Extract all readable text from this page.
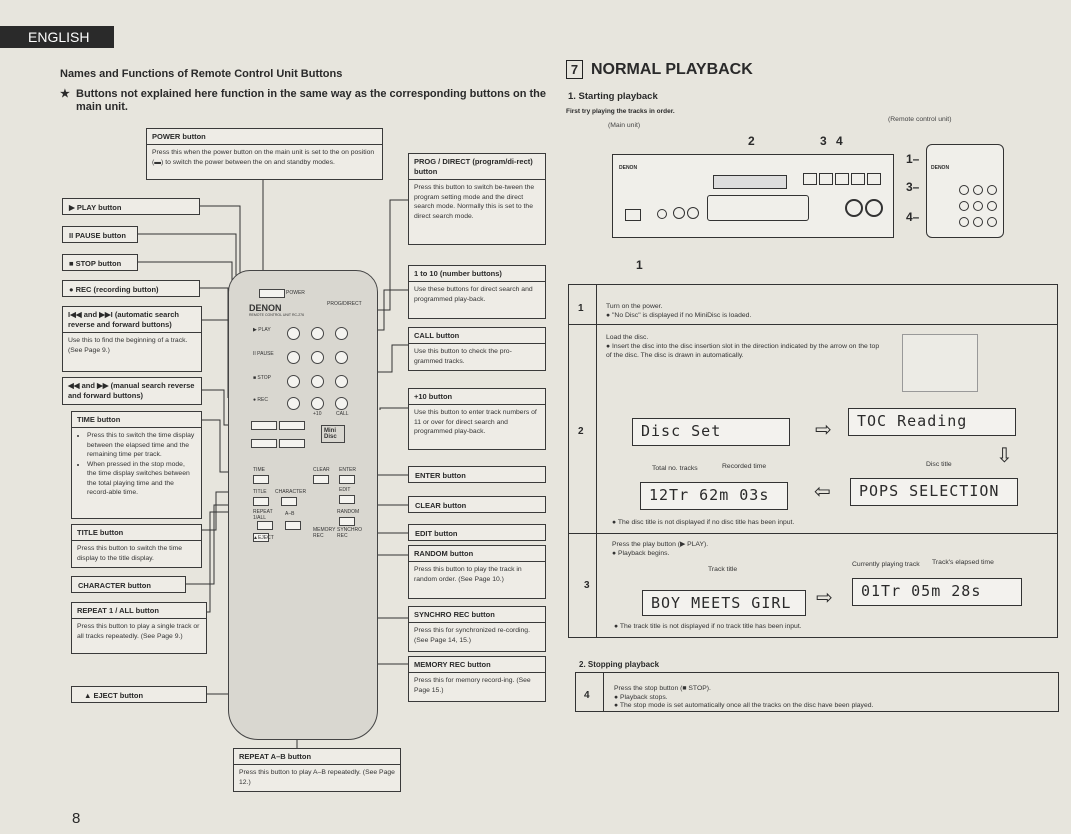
ENGLISH
Names and Functions of Remote Control Unit Buttons
★ Buttons not explained here function in the same way as the corresponding buttons on the main unit.
POWER button
Press this when the power button on the main unit is set to the on position (▬) to switch the power between the on and standby modes.
▶ PLAY button
II PAUSE button
■ STOP button
● REC (recording button)
I◀◀ and ▶▶I (automatic search reverse and forward buttons)
Use this to find the beginning of a track. (See Page 9.)
◀◀ and ▶▶ (manual search reverse and forward buttons)
TIME button
• Press this to switch the time display between the elapsed time and the remaining time per track.
• When pressed in the stop mode, the time display switches between the total playing time and the record-able time.
TITLE button
Press this button to switch the time display to the title display.
CHARACTER button
REPEAT 1 / ALL button
Press this button to play a single track or all tracks repeatedly. (See Page 9.)
▲ EJECT button
PROG / DIRECT (program/di-rect) button
Press this button to switch be-tween the program setting mode and the direct search mode. Normally this is set to the direct search mode.
1 to 10 (number buttons)
Use these buttons for direct search and programmed play-back.
CALL button
Use this button to check the pro-grammed tracks.
+10 button
Use this button to enter track numbers of 11 or over for direct search and programmed play-back.
ENTER button
CLEAR button
EDIT button
RANDOM button
Press this button to play the track in random order. (See Page 10.)
SYNCHRO REC button
Press this for synchronized re-cording. (See Page 14, 15.)
MEMORY REC button
Press this for memory record-ing. (See Page 15.)
REPEAT A–B button
Press this button to play A–B repeatedly. (See Page 12.)
POWER
PROG/DIRECT
DENON
REMOTE CONTROL UNIT RC-276
▶ PLAY
II PAUSE
■ STOP
● REC
+10	CALL
Mini Disc
TIME	CLEAR ENTER
TITLE CHARACTER	EDIT
REPEAT 1/ALL
A–B	RANDOM
MEMORY REC
SYNCHRO REC
▲EJECT
8
7 NORMAL PLAYBACK
1. Starting playback
First try playing the tracks in order.
(Main unit)
(Remote control unit)
DENON
2	3 4
1
DENON
1–
3–
4–
1	Turn on the power.
● "No Disc" is displayed if no MiniDisc is loaded.
2
Load the disc.
● Insert the disc into the disc insertion slot in the direction indicated by the arrow on the top of the disc. The disc is drawn in automatically.
Disc Set	⇨	TOC Reading
⇩
Total no. tracks	Recorded time	Disc title
12Tr 62m 03s	⇦	POPS SELECTION
● The disc title is not displayed if no disc title has been input.
3
Press the play button (▶ PLAY).
● Playback begins.
Track title
Currently playing track Track's elapsed time
BOY MEETS GIRL	⇨	01Tr 05m 28s
● The track title is not displayed if no track title has been input.
2. Stopping playback
4
Press the stop button (■ STOP).
● Playback stops.
● The stop mode is set automatically once all the tracks on the disc have been played.
